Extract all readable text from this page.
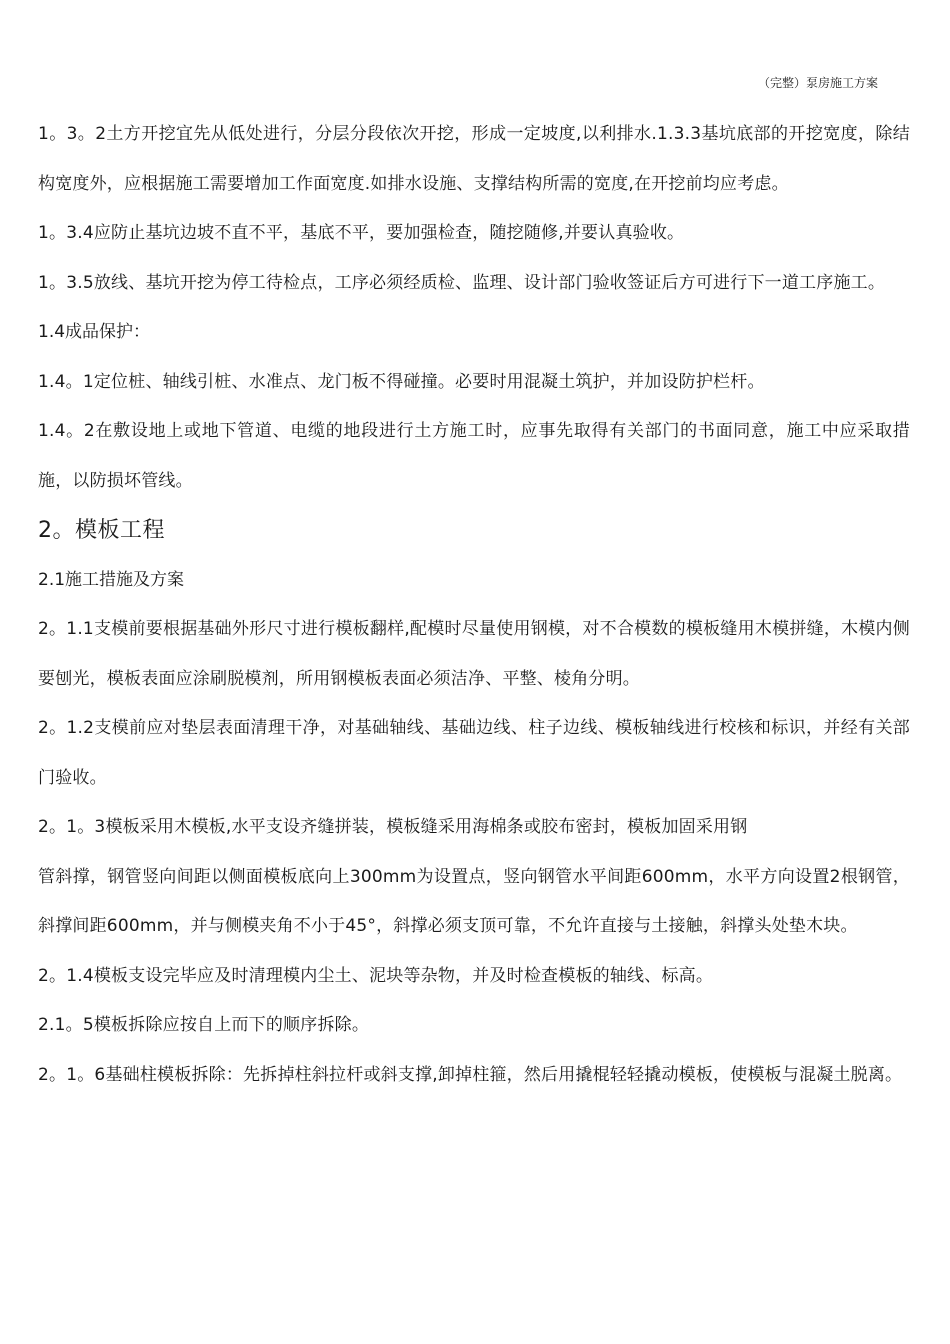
（完整）泵房施工方案

1。3。2土方开挖宜先从低处进行，分层分段依次开挖，形成一定坡度,以利排水.1.3.3基坑底部的开挖宽度，除结构宽度外，应根据施工需要增加工作面宽度.如排水设施、支撑结构所需的宽度,在开挖前均应考虑。

1。3.4应防止基坑边坡不直不平，基底不平，要加强检查，随挖随修,并要认真验收。

1。3.5放线、基坑开挖为停工待检点，工序必须经质检、监理、设计部门验收签证后方可进行下一道工序施工。

1.4成品保护：

1.4。1定位桩、轴线引桩、水准点、龙门板不得碰撞。必要时用混凝土筑护，并加设防护栏杆。

1.4。2在敷设地上或地下管道、电缆的地段进行土方施工时，应事先取得有关部门的书面同意，施工中应采取措施，以防损坏管线。

2。模板工程

2.1施工措施及方案

2。1.1支模前要根据基础外形尺寸进行模板翻样,配模时尽量使用钢模，对不合模数的模板缝用木模拼缝，木模内侧要刨光，模板表面应涂刷脱模剂，所用钢模板表面必须洁净、平整、棱角分明。

2。1.2支模前应对垫层表面清理干净，对基础轴线、基础边线、柱子边线、模板轴线进行校核和标识，并经有关部门验收。

2。1。3模板采用木模板,水平支设齐缝拼装，模板缝采用海棉条或胶布密封，模板加固采用钢

管斜撑，钢管竖向间距以侧面模板底向上300mm为设置点，竖向钢管水平间距600mm，水平方向设置2根钢管，斜撑间距600mm，并与侧模夹角不小于45°，斜撑必须支顶可靠，不允许直接与土接触，斜撑头处垫木块。

2。1.4模板支设完毕应及时清理模内尘土、泥块等杂物，并及时检查模板的轴线、标高。

2.1。5模板拆除应按自上而下的顺序拆除。

2。1。6基础柱模板拆除：先拆掉柱斜拉杆或斜支撑,卸掉柱箍，然后用撬棍轻轻撬动模板，使模板与混凝土脱离。
